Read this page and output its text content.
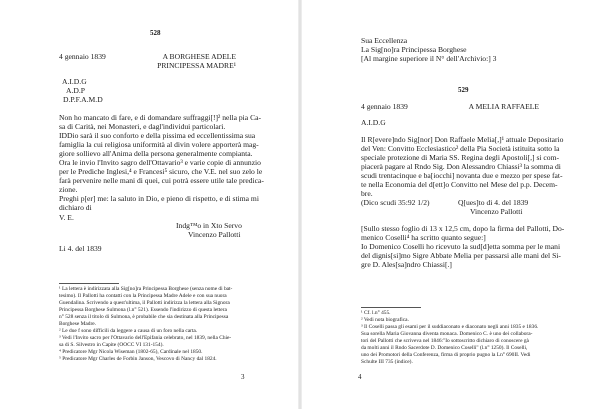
528
4 gennaio 1839	A BORGHESE ADELE
PRINCIPESSA MADRE¹
A.I.D.G
A.D.P
D.P.F.A.M.D
Non ho mancato di fare, e di domandare suffraggi[!]² nella pia Ca-
sa di Carità, nei Monasteri, e dagl'individui particolari.
IDDio sarà il suo conforto e della pissima ed eccellentissima sua
famiglia la cui religiosa uniformità al divin volere apporterà mag-
giore sollievo all'Anima della persona generalmente compianta.
Ora le invio l'Invito sagro dell'Ottavario³ e varie copie di annunzio
per le Prediche Inglesi,⁴ e Francesi⁵ sicuro, che V.E. nel suo zelo le
farà pervenire nelle mani di quei, cui potrà essere utile tale predica-
zione.
Preghi p[er] me: la saluto in Dio, e pieno di rispetto, e di stima mi
dichiaro di
V. E.
Indg™o in Xto Servo
Vincenzo Pallotti
Li 4. del 1839
¹ La lettera è indirizzata alla Sig[no]ra Principessa Borghese (senza nome di bat-
tesimo). Il Pallotti ha contatti con la Principessa Madre Adele e con sua nuora
Guendalina. Scrivendo a quest'ultima, il Pallotti indirizza la lettera alla Signora
Principessa Borghese Sulmona (l.n° 521). Essendo l'indirizzo di questa lettera
n° 528 senza il titolo di Sulmona, è probabile che sia destinata alla Principessa
Borghese Madre.
² Le due f sono difficili da leggere a causa di un foro nella carta.
³ Vedi l'Invito sacro per l'Ottavario dell'Epifania celebrato, nel 1839, nella Chie-
sa di S. Silvestro in Capite (OOCC VI 131-154).
⁴ Predicatore Mgr Nicola Wiseman (1802-65), Cardinale nel 1850.
⁵ Predicatore Mgr Charles de Forbin Janson, Vescovo di Nancy dal 1824.
3
Sua Eccellenza
La Sig[no]ra Principessa Borghese
[Al margine superiore il N° dell'Archivio:] 3
529
4 gennaio 1839	A MELIA RAFFAELE
A.I.D.G
Il R[evere]ndo Sig[nor] Don Raffaele Melia[,]¹ attuale Depositario
del Ven: Convitto Ecclesiastico² della Pia Società istituita sotto la
speciale protezione di Maria SS. Regina degli Apostoli[,] si com-
piacerà pagare al Rndo Sig. Don Alessandro Chiassi³ la somma di
scudi trentacinque e ba[iocchi] novanta due e mezzo per spese fat-
te nella Economia del d[ett]o Convitto nel Mese del p.p. Decem-
bre.
(Dico scudi 35:92 1/2)	Q[ues]to di 4. del 1839
Vincenzo Pallotti
[Sullo stesso foglio di 13 x 12,5 cm, dopo la firma del Pallotti, Do-
menico Coselli⁴ ha scritto quanto segue:]
Io Domenico Coselli ho ricevuto la sud[d]etta somma per le mani
del dignis[si]mo Sigre Abbate Melia per passarsi alle mani del Si-
gre D. Ales[sa]ndro Chiassi[.]
¹ Cf. l.n° 455.
² Vedi nota biografica.
³ Il Coselli passa gli esami per il suddiaconato e diaconato negli anni 1835 e 1836.
Sua sorella Maria Giovanna diventa monaca. Domenico C. è uno dei collabora-
tori del Pallotti che scriveva nel 1846:"Io sottoscritto dichiaro di conoscere gà
da molti anni il Rndo Sacerdote D. Domenico Coselli" (l.n° 1250). Il Coselli,
uno dei Promotori della Conferenza, firma di proprio pugno la Ln° 690II. Vedi
Schulte III 735 (indice).
4
